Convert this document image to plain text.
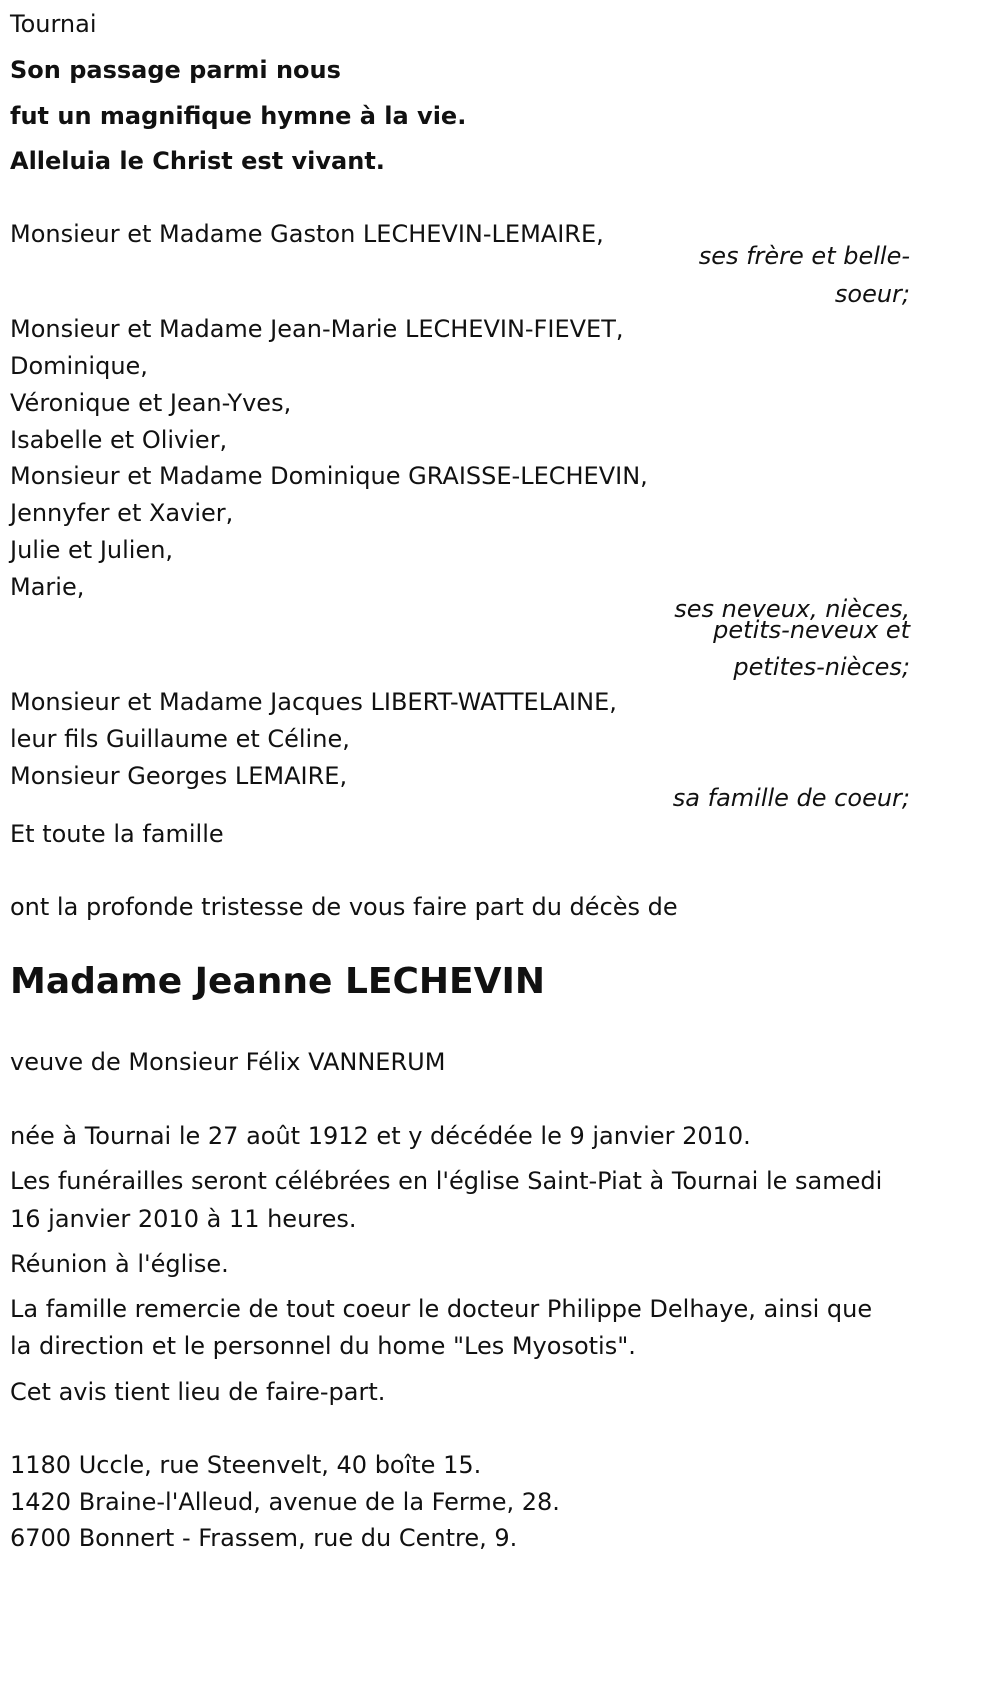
Tournai
Son passage parmi nous
fut un magnifique hymne à la vie.
Alleluia le Christ est vivant.
Monsieur et Madame Gaston LECHEVIN-LEMAIRE,
ses frère et belle-
soeur;
Monsieur et Madame Jean-Marie LECHEVIN-FIEVET,
Dominique,
Véronique et Jean-Yves,
Isabelle et Olivier,
Monsieur et Madame Dominique GRAISSE-LECHEVIN,
Jennyfer et Xavier,
Julie et Julien,
Marie,
ses neveux, nièces,
petits-neveux et
petites-nièces;
Monsieur et Madame Jacques LIBERT-WATTELAINE,
leur fils Guillaume et Céline,
Monsieur Georges LEMAIRE,
sa famille de coeur;
Et toute la famille
ont la profonde tristesse de vous faire part du décès de
Madame Jeanne LECHEVIN
veuve de Monsieur Félix VANNERUM
née à Tournai le 27 août 1912 et y décédée le 9 janvier 2010.
Les funérailles seront célébrées en l'église Saint-Piat à Tournai le samedi
16 janvier 2010 à 11 heures.
Réunion à l'église.
La famille remercie de tout coeur le docteur Philippe Delhaye, ainsi que
la direction et le personnel du home "Les Myosotis".
Cet avis tient lieu de faire-part.
1180 Uccle, rue Steenvelt, 40 boîte 15.
1420 Braine-l'Alleud, avenue de la Ferme, 28.
6700 Bonnert - Frassem, rue du Centre, 9.
